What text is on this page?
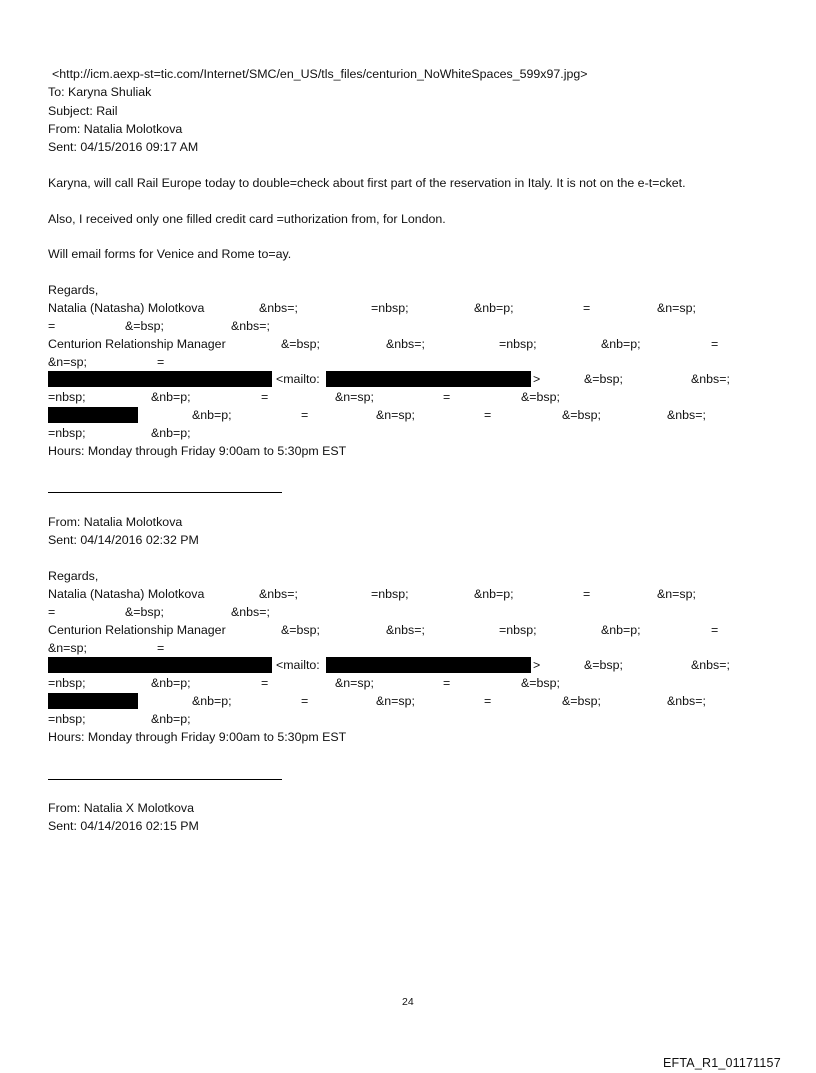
<http://icm.aexp-st=tic.com/Internet/SMC/en_US/tls_files/centurion_NoWhiteSpaces_599x97.jpg>
To: Karyna Shuliak
Subject: Rail
From: Natalia Molotkova
Sent: 04/15/2016 09:17 AM
Karyna, will call Rail Europe today to double=check about first part of the reservation in Italy. It is not on the e-t=cket.
Also, I received only one filled credit card =uthorization from, for London.
Will email forms for Venice and Rome to=ay.
Regards,
Natalia (Natasha) Molotkova	&nbs=;	=nbsp;	&nb=p;	=	&n=sp;
=	&=bsp;	&nbs=;
Centurion Relationship Manager	&=bsp;	&nbs=;	=nbsp;	&nb=p;	=
&n=sp;	=
<mailto:	>	&=bsp;	&nbs=;
=nbsp;	&nb=p;	=	&n=sp;	=	&=bsp;
&nb=p;	=	&n=sp;	=	&=bsp;	&nbs=;
=nbsp;	&nb=p;
Hours: Monday through Friday 9:00am to 5:30pm EST
From: Natalia Molotkova
Sent: 04/14/2016 02:32 PM
Regards,
Natalia (Natasha) Molotkova	&nbs=;	=nbsp;	&nb=p;	=	&n=sp;
=	&=bsp;	&nbs=;
Centurion Relationship Manager	&=bsp;	&nbs=;	=nbsp;	&nb=p;	=
&n=sp;	=
<mailto:	>	&=bsp;	&nbs=;
=nbsp;	&nb=p;	=	&n=sp;	=	&=bsp;
&nb=p;	=	&n=sp;	=	&=bsp;	&nbs=;
=nbsp;	&nb=p;
Hours: Monday through Friday 9:00am to 5:30pm EST
From: Natalia X Molotkova
Sent: 04/14/2016 02:15 PM
24
EFTA_R1_01171157
